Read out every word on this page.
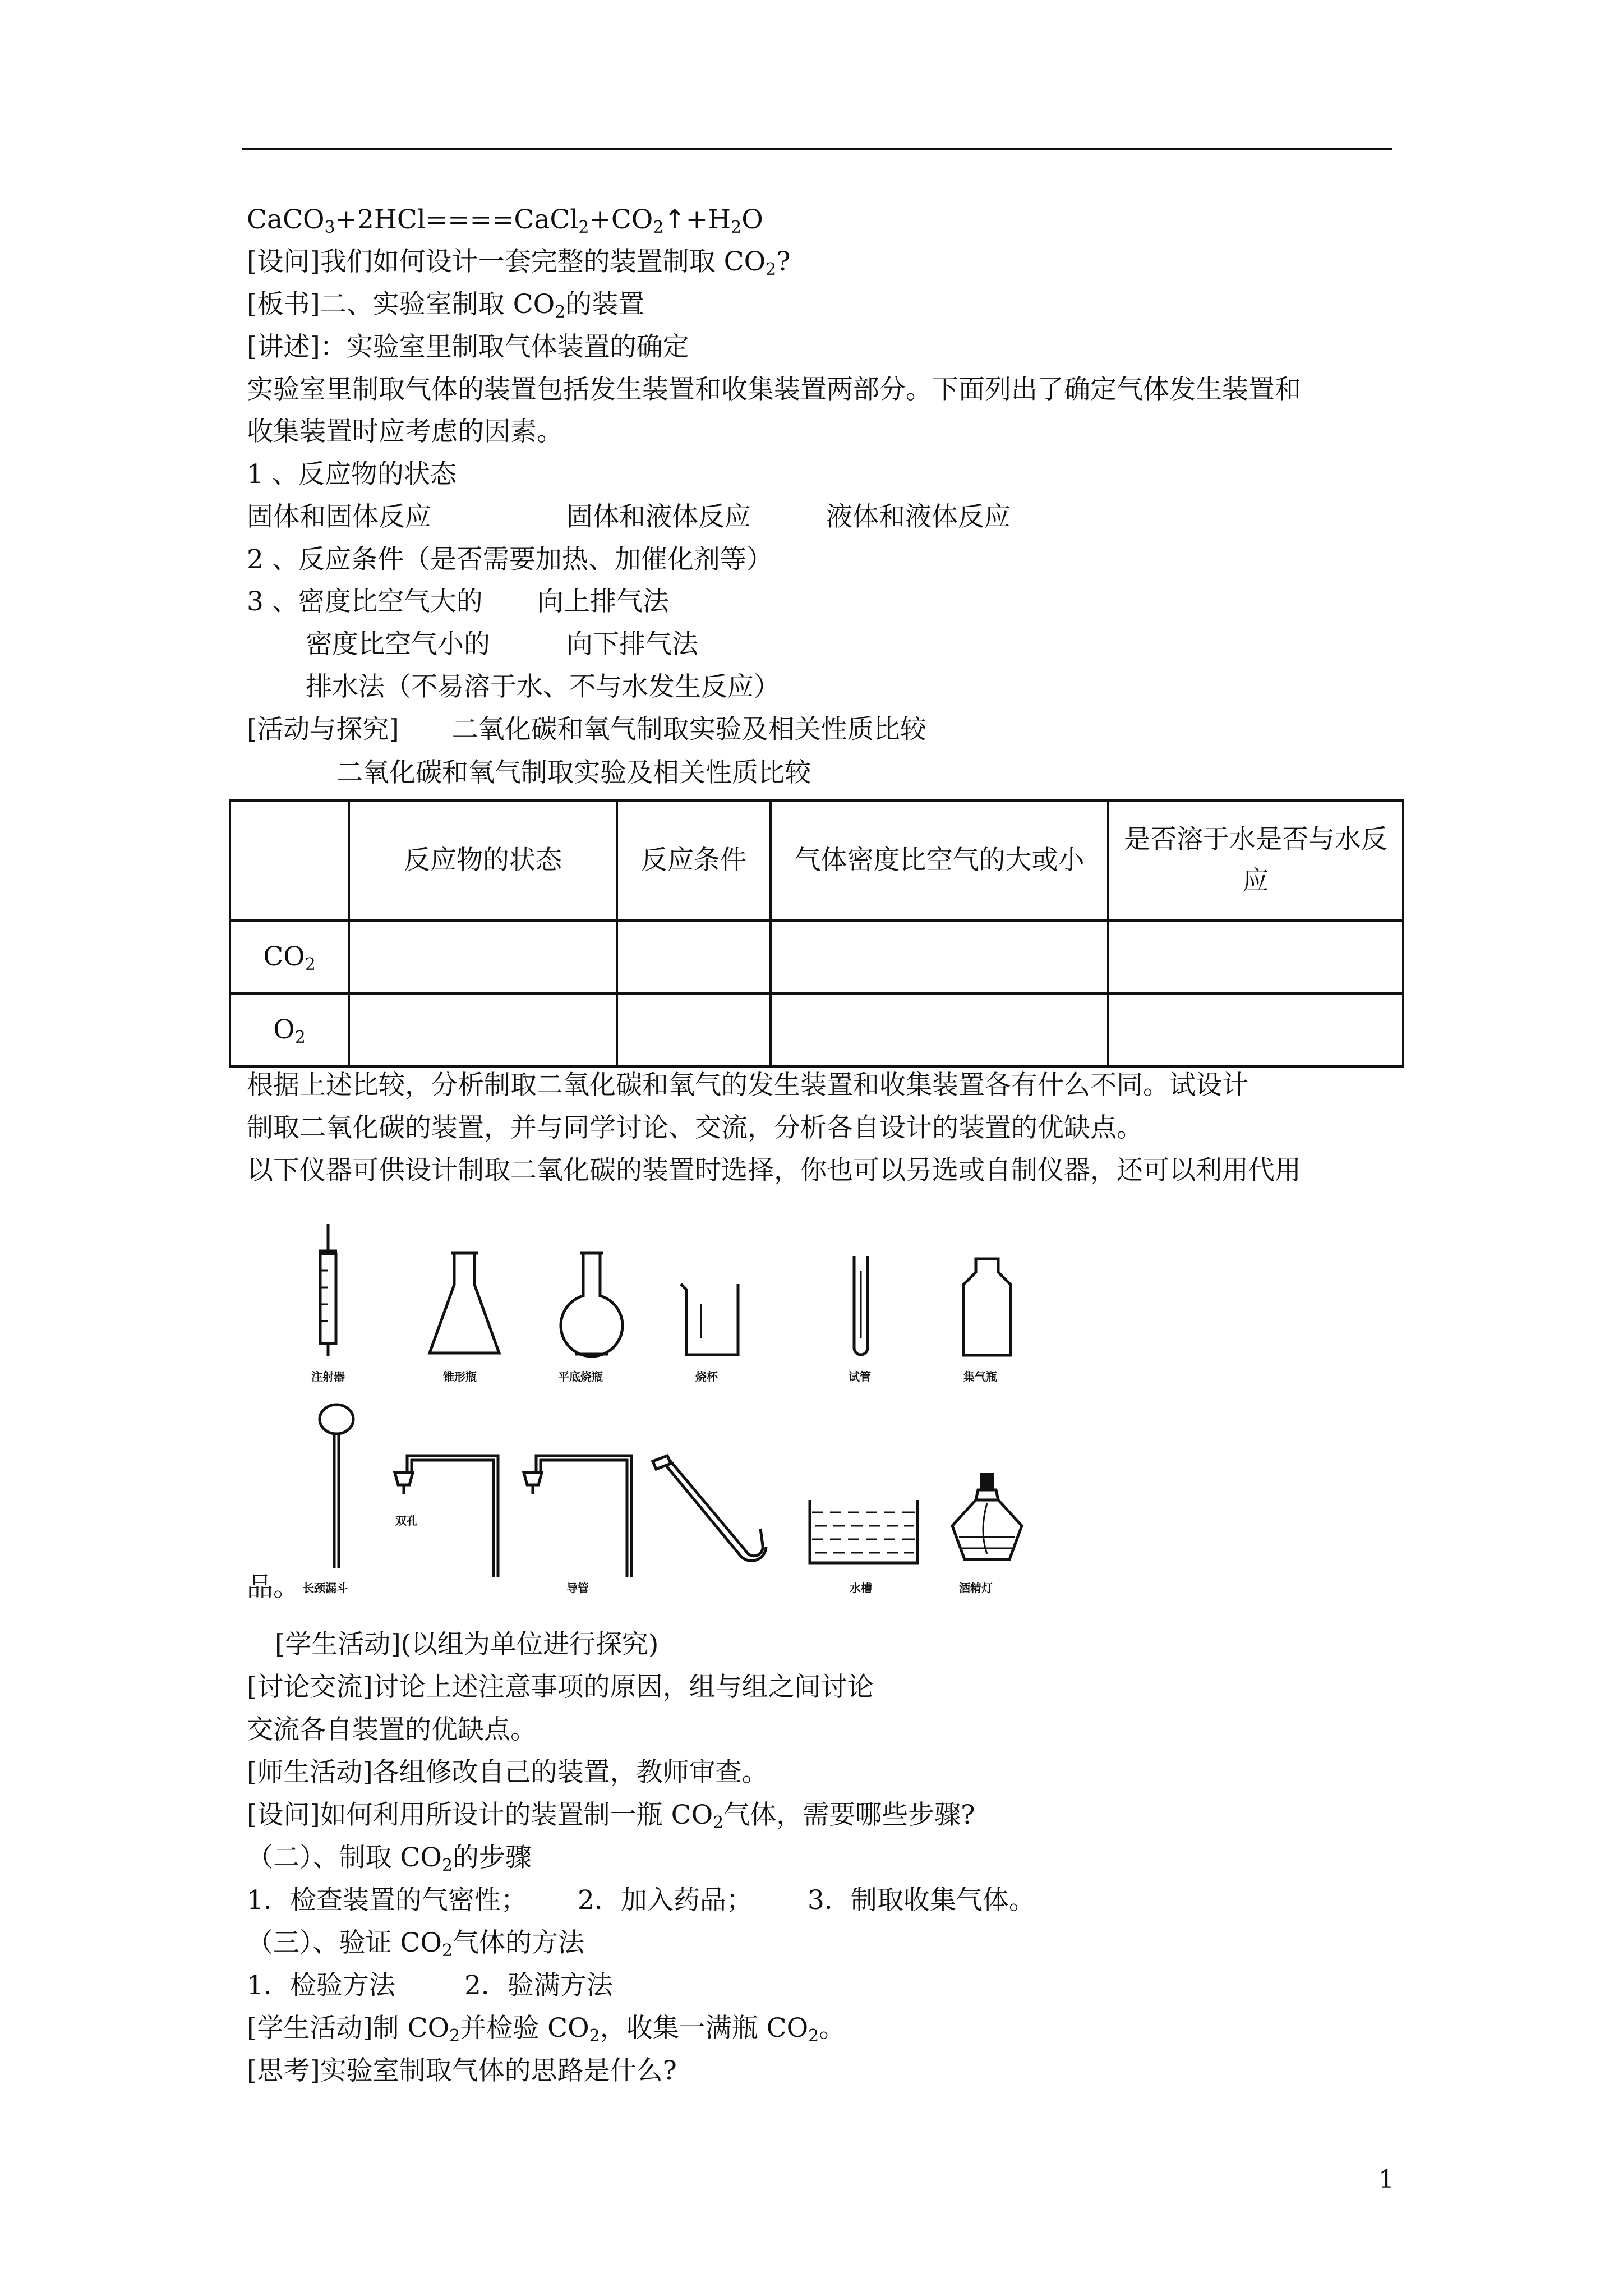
$CaCO_3+2HCl====CaCl_2+CO_2↑+H_2O$
[设问]我们如何设计一套完整的装置制取 $CO_2$?
[板书]二、实验室制取 $CO_2$的装置
[讲述]：实验室里制取气体装置的确定
实验室里制取气体的装置包括发生装置和收集装置两部分。下面列出了确定气体发生装置和
收集装置时应考虑的因素。
1 、反应物的状态
固体和固体反应	固体和液体反应	液体和液体反应
2 、反应条件（是否需要加热、加催化剂等）
3 、密度比空气大的 向上排气法
密度比空气小的	向下排气法
排水法（不易溶于水、不与水发生反应）
[活动与探究]　　二氧化碳和氧气制取实验及相关性质比较
二氧化碳和氧气制取实验及相关性质比较
	反应物的状态	反应条件	气体密度比空气的大或小	是否溶于水是否与水反应
$CO_2$				
$O_2$				
根据上述比较，分析制取二氧化碳和氧气的发生装置和收集装置各有什么不同。试设计
制取二氧化碳的装置，并与同学讨论、交流，分析各自设计的装置的优缺点。
以下仪器可供设计制取二氧化碳的装置时选择，你也可以另选或自制仪器，还可以利用代用
注射器	锥形瓶	平底烧瓶	烧杯	试管	集气瓶
长颈漏斗
双孔
导管	水槽	酒精灯
品。
[学生活动](以组为单位进行探究)
[讨论交流]讨论上述注意事项的原因，组与组之间讨论
交流各自装置的优缺点。
[师生活动]各组修改自己的装置，教师审查。
[设问]如何利用所设计的装置制一瓶 $CO_2$气体，需要哪些步骤?
（二）、制取 $CO_2$的步骤
1．检查装置的气密性； 2．加入药品； 3．制取收集气体。
（三）、验证 $CO_2$气体的方法
1．检验方法	2．验满方法
[学生活动]制 $CO_2$并检验 $CO_2$，收集一满瓶 $CO_2$。
[思考]实验室制取气体的思路是什么?
1
